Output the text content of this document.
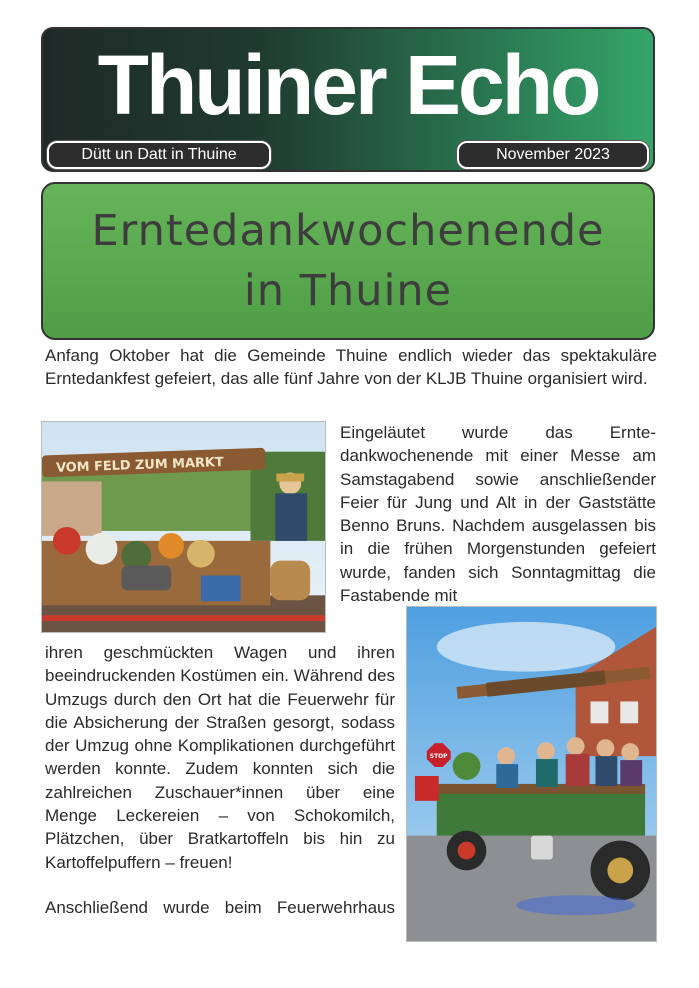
Thuiner Echo
Dütt un Datt in Thuine	November 2023
Erntedankwochenende
in Thuine

Anfang Oktober hat die Gemeinde Thuine endlich wieder das spektakuläre Erntedankfest gefeiert, das alle fünf Jahre von der KLJB Thuine organisiert wird.

VOM FELD ZUM MARKT

Eingeläutet wurde das Ernte-dankwochenende mit einer Messe am Samstagabend sowie anschließender Feier für Jung und Alt in der Gaststätte Benno Bruns. Nachdem ausgelassen bis in die frühen Morgenstunden gefeiert wurde, fanden sich Sonntagmittag die Fastabende mit

STOP

ihren geschmückten Wagen und ihren beeindruckenden Kostümen ein. Während des Umzugs durch den Ort hat die Feuerwehr für die Absicherung der Straßen gesorgt, sodass der Umzug ohne Komplikationen durchgeführt werden konnte. Zudem konnten sich die zahlreichen Zuschauer*innen über eine Menge Leckereien – von Schokomilch, Plätzchen, über Bratkartoffeln bis hin zu Kartoffelpuffern – freuen!

Anschließend wurde beim Feuerwehrhaus
